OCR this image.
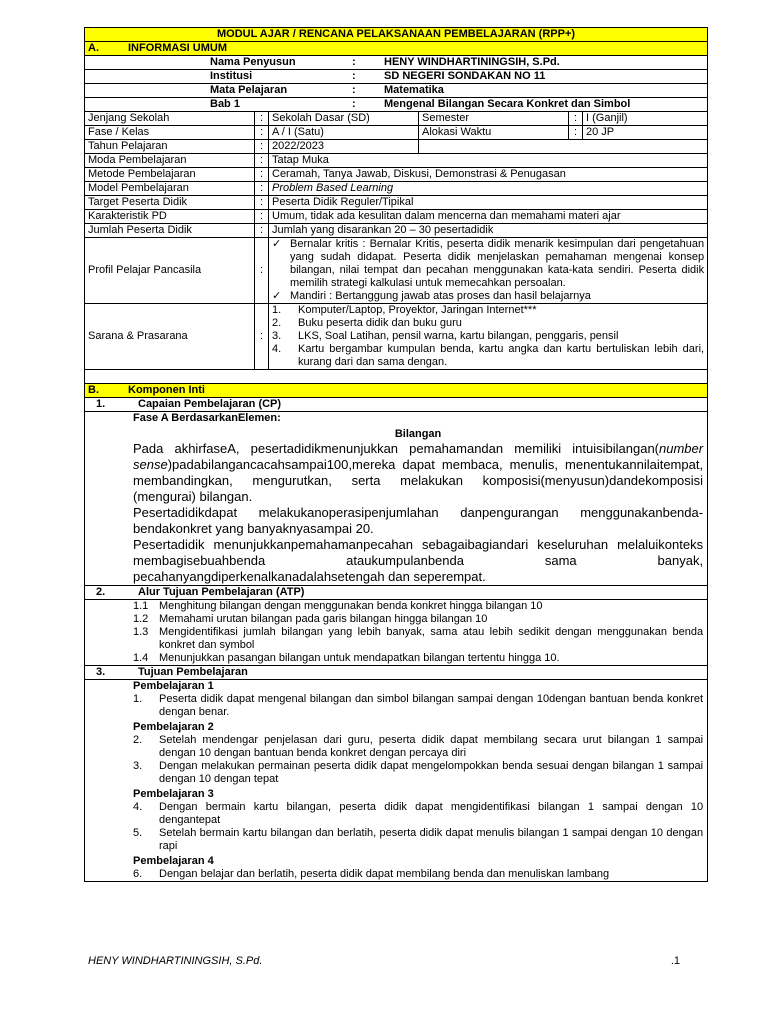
MODUL AJAR / RENCANA PELAKSANAAN PEMBELAJARAN (RPP+)
A.	INFORMASI UMUM

	Nama Penyusun	:	HENY WINDHARTININGSIH, S.Pd.

	Institusi	:	SD NEGERI SONDAKAN NO 11

	Mata Pelajaran	:	Matematika

	Bab 1	:	Mengenal Bilangan Secara Konkret dan Simbol

Jenjang Sekolah	:	Sekolah Dasar (SD)	Semester	:	I (Ganjil)
Fase / Kelas	:	A / I (Satu)	Alokasi Waktu	:	20 JP
Tahun Pelajaran	:	2022/2023	
Moda Pembelajaran	:	Tatap Muka
Metode Pembelajaran	:	Ceramah, Tanya Jawab, Diskusi, Demonstrasi & Penugasan
Model Pembelajaran	:	Problem Based Learning
Target Peserta Didik	:	Peserta Didik Reguler/Tipikal
Karakteristik PD	:	Umum, tidak ada kesulitan dalam mencerna dan memahami materi ajar
Jumlah Peserta Didik	:	Jumlah yang disarankan 20 – 30 pesertadidik
Profil Pelajar Pancasila	:	
✓ Bernalar kritis : Bernalar Kritis, peserta didik menarik kesimpulan dari pengetahuan yang sudah didapat. Peserta didik menjelaskan pemahaman mengenai konsep bilangan, nilai tempat dan pecahan menggunakan kata-kata sendiri. Peserta didik memilih strategi kalkulasi untuk memecahkan persoalan.
✓ Mandiri : Bertanggung jawab atas proses dan hasil belajarnya

Sarana & Prasarana	:	
1.	Komputer/Laptop, Proyektor, Jaringan Internet***
2.	Buku peserta didik dan buku guru
3.	LKS, Soal Latihan, pensil warna, kartu bilangan, penggaris, pensil
4.	Kartu bergambar kumpulan benda, kartu angka dan kartu bertuliskan lebih dari, kurang dari dan sama dengan.

B.	Komponen Inti
1.	Capaian Pembelajaran (CP)

Fase A BerdasarkanElemen:
Bilangan
Pada akhirfaseA, pesertadidikmenunjukkan pemahamandan memiliki intuisibilangan(number sense)padabilangancacahsampai100,mereka dapat membaca, menulis, menentukannilaitempat, membandingkan, mengurutkan, serta melakukan komposisi(menyusun)dandekomposisi (mengurai) bilangan.
Pesertadidikdapat melakukanoperasipenjumlahan danpengurangan menggunakanbenda-bendakonkret yang banyaknyasampai 20.
Pesertadidik menunjukkanpemahamanpecahan sebagaibagiandari keseluruhan melaluikonteks membagisebuahbenda ataukumpulanbenda sama banyak, pecahanyangdiperkenalkanadalahsetengah dan seperempat.

2.	Alur Tujuan Pembelajaran (ATP)

1.1 Menghitung bilangan dengan menggunakan benda konkret hingga bilangan 10
1.2 Memahami urutan bilangan pada garis bilangan hingga bilangan 10
1.3 Mengidentifikasi jumlah bilangan yang lebih banyak, sama atau lebih sedikit dengan menggunakan benda konkret dan symbol
1.4 Menunjukkan pasangan bilangan untuk mendapatkan bilangan tertentu hingga 10.

3.	Tujuan Pembelajaran

Pembelajaran 1
1.	Peserta didik dapat mengenal bilangan dan simbol bilangan sampai dengan 10dengan bantuan benda konkret dengan benar.
Pembelajaran 2
2.	Setelah mendengar penjelasan dari guru, peserta didik dapat membilang secara urut bilangan 1 sampai dengan 10 dengan bantuan benda konkret dengan percaya diri
3.	Dengan melakukan permainan peserta didik dapat mengelompokkan benda sesuai dengan bilangan 1 sampai dengan 10 dengan tepat
Pembelajaran 3
4.	Dengan bermain kartu bilangan, peserta didik dapat mengidentifikasi bilangan 1 sampai dengan 10 dengantepat
5.	Setelah bermain kartu bilangan dan berlatih, peserta didik dapat menulis bilangan 1 sampai dengan 10 dengan rapi
Pembelajaran 4
6.	Dengan belajar dan berlatih, peserta didik dapat membilang benda dan menuliskan lambang
HENY WINDHARTININGSIH, S.Pd.	.1
